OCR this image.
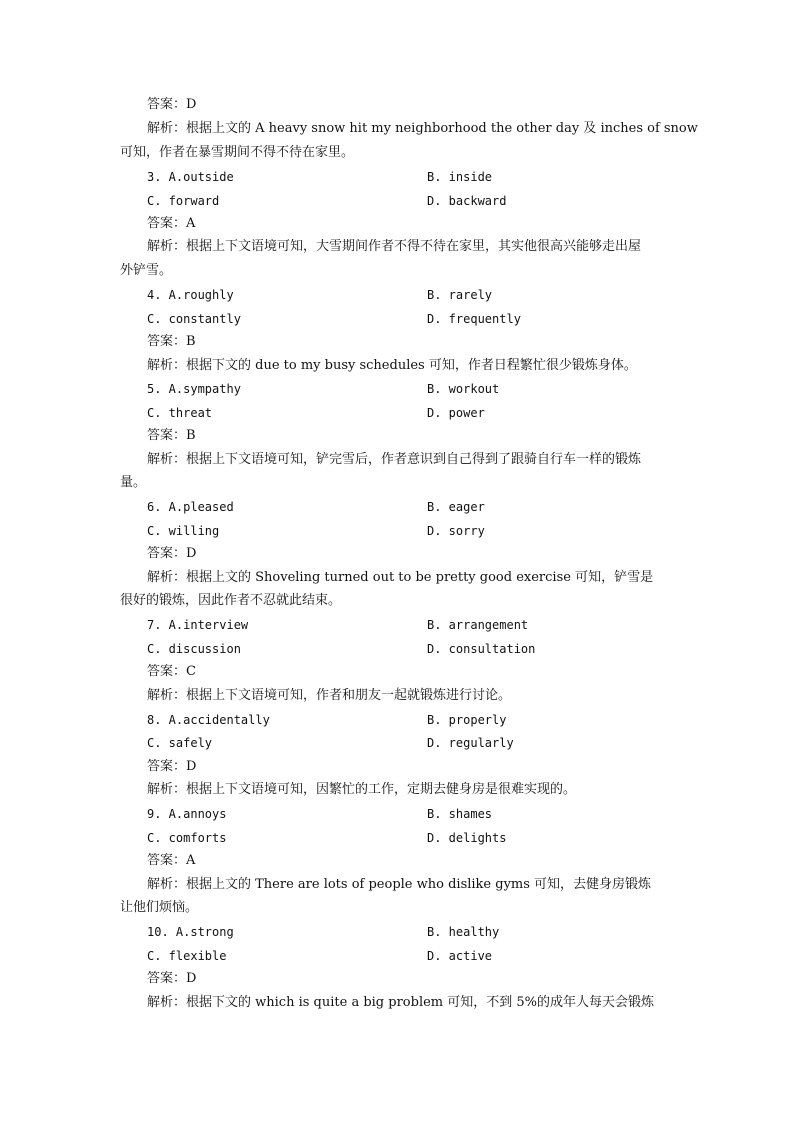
答案：D
解析：根据上文的 A heavy snow hit my neighborhood the other day 及 inches of snow
可知，作者在暴雪期间不得不待在家里。
3. A.outside	B. inside
C. forward	D. backward
答案：A
解析：根据上下文语境可知，大雪期间作者不得不待在家里，其实他很高兴能够走出屋
外铲雪。
4. A.roughly	B. rarely
C. constantly	D. frequently
答案：B
解析：根据下文的 due to my busy schedules 可知，作者日程繁忙很少锻炼身体。
5. A.sympathy	B. workout
C. threat	D. power
答案：B
解析：根据上下文语境可知，铲完雪后，作者意识到自己得到了跟骑自行车一样的锻炼
量。
6. A.pleased	B. eager
C. willing	D. sorry
答案：D
解析：根据上文的 Shoveling turned out to be pretty good exercise 可知，铲雪是
很好的锻炼，因此作者不忍就此结束。
7. A.interview	B. arrangement
C. discussion	D. consultation
答案：C
解析：根据上下文语境可知，作者和朋友一起就锻炼进行讨论。
8. A.accidentally	B. properly
C. safely	D. regularly
答案：D
解析：根据上下文语境可知，因繁忙的工作，定期去健身房是很难实现的。
9. A.annoys	B. shames
C. comforts	D. delights
答案：A
解析：根据上文的 There are lots of people who dislike gyms 可知，去健身房锻炼
让他们烦恼。
10. A.strong	B. healthy
C. flexible	D. active
答案：D
解析：根据下文的 which is quite a big problem 可知，不到 5%的成年人每天会锻炼
